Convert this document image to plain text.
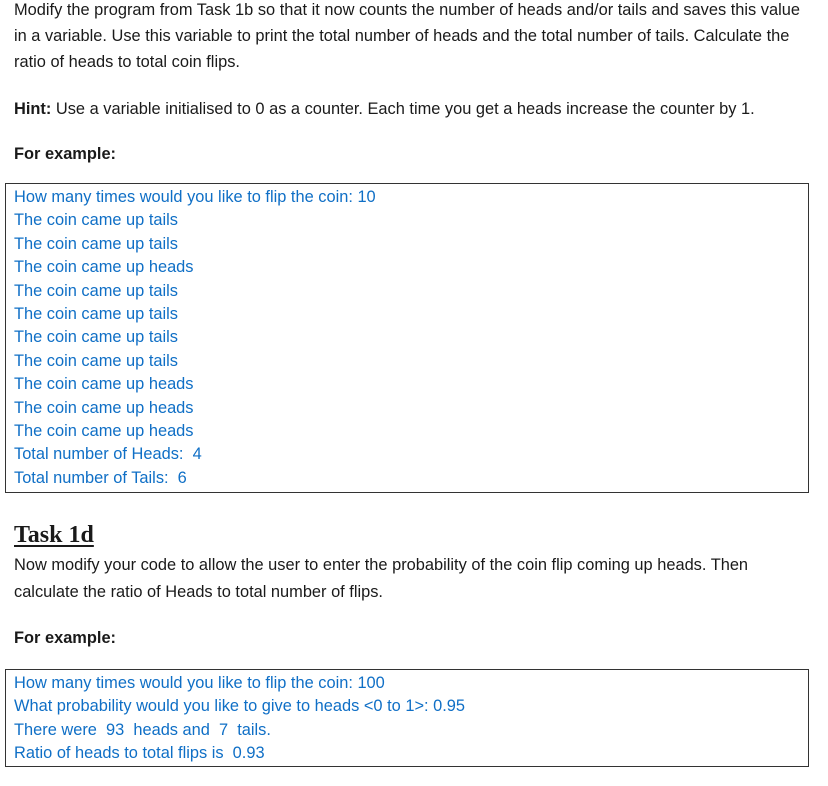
Modify the program from Task 1b so that it now counts the number of heads and/or tails and saves this value in a variable. Use this variable to print the total number of heads and the total number of tails. Calculate the ratio of heads to total coin flips.

Hint: Use a variable initialised to 0 as a counter. Each time you get a heads increase the counter by 1.

For example:

How many times would you like to flip the coin: 10
The coin came up tails
The coin came up tails
The coin came up heads
The coin came up tails
The coin came up tails
The coin came up tails
The coin came up tails
The coin came up heads
The coin came up heads
The coin came up heads
Total number of Heads:  4
Total number of Tails:  6
Task 1d

Now modify your code to allow the user to enter the probability of the coin flip coming up heads. Then calculate the ratio of Heads to total number of flips.

For example:

How many times would you like to flip the coin: 100
What probability would you like to give to heads <0 to 1>: 0.95
There were  93  heads and  7  tails.
Ratio of heads to total flips is  0.93
